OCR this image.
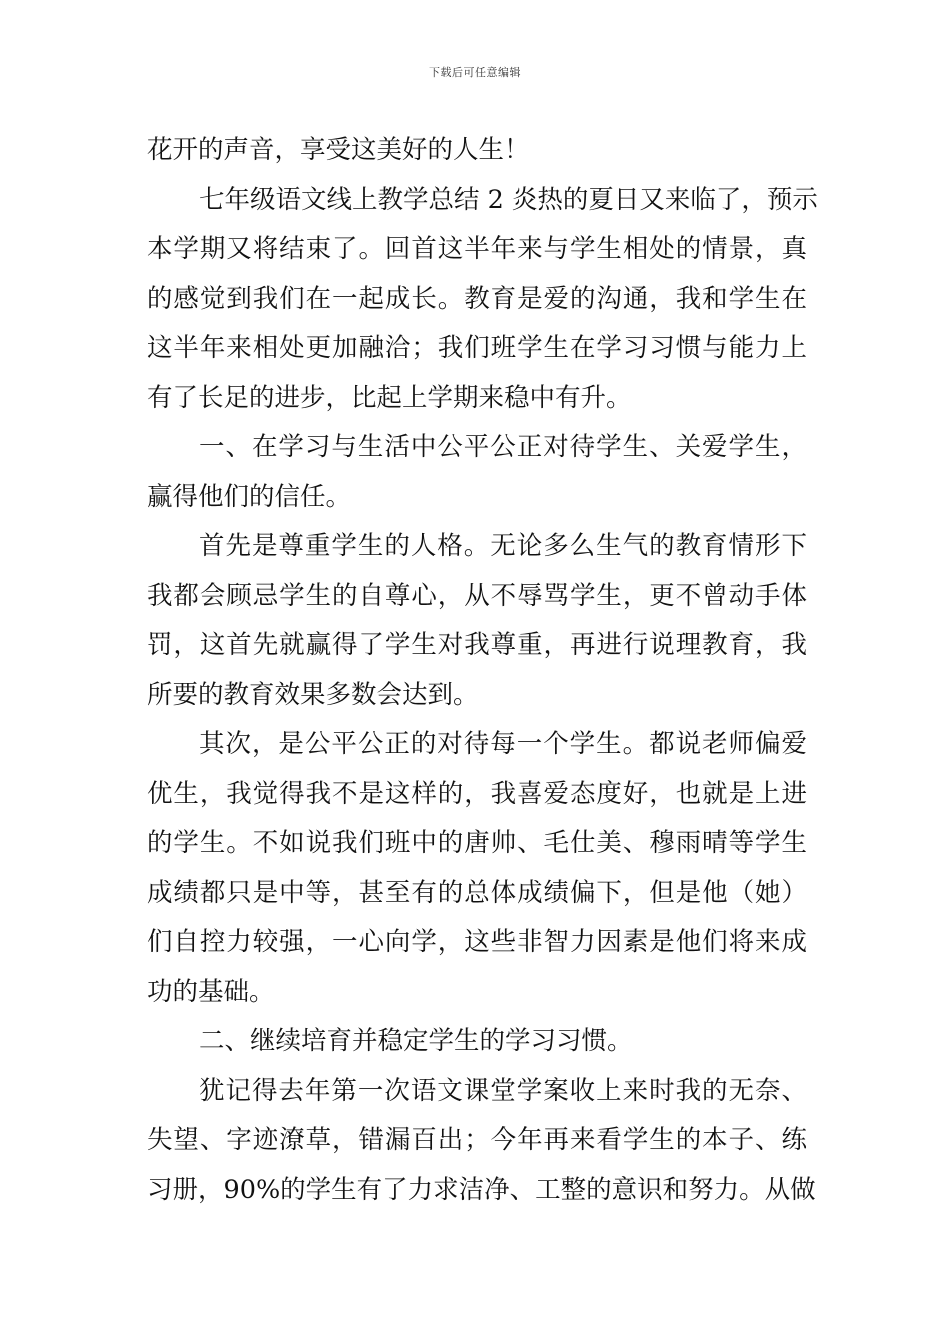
下载后可任意编辑
花开的声音，享受这美好的人生！
七年级语文线上教学总结 2 炎热的夏日又来临了，预示
本学期又将结束了。回首这半年来与学生相处的情景，真
的感觉到我们在一起成长。教育是爱的沟通，我和学生在
这半年来相处更加融洽；我们班学生在学习习惯与能力上
有了长足的进步，比起上学期来稳中有升。
一、在学习与生活中公平公正对待学生、关爱学生，
赢得他们的信任。
首先是尊重学生的人格。无论多么生气的教育情形下
我都会顾忌学生的自尊心，从不辱骂学生，更不曾动手体
罚，这首先就赢得了学生对我尊重，再进行说理教育，我
所要的教育效果多数会达到。
其次，是公平公正的对待每一个学生。都说老师偏爱
优生，我觉得我不是这样的，我喜爱态度好，也就是上进
的学生。不如说我们班中的唐帅、毛仕美、穆雨晴等学生
成绩都只是中等，甚至有的总体成绩偏下，但是他（她）
们自控力较强，一心向学，这些非智力因素是他们将来成
功的基础。
二、继续培育并稳定学生的学习习惯。
犹记得去年第一次语文课堂学案收上来时我的无奈、
失望、字迹潦草，错漏百出；今年再来看学生的本子、练
习册，90%的学生有了力求洁净、工整的意识和努力。从做
